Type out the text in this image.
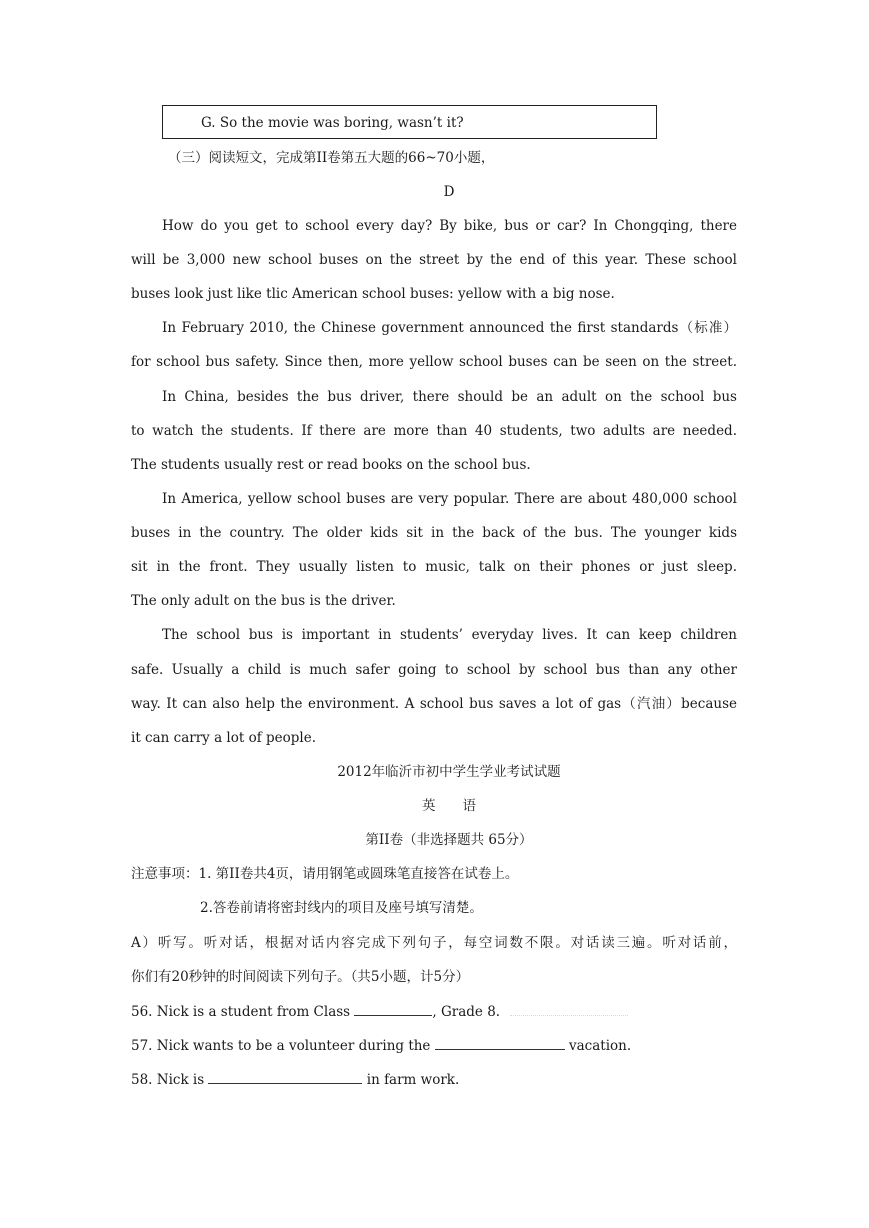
G. So the movie was boring, wasn’t it?
（三）阅读短文，完成第II卷第五大题的66~70小题，
D
How do you get to school every day? By bike, bus or car? In Chongqing, there
will be 3,000 new school buses on the street by the end of this year. These school
buses look just like tlic American school buses: yellow with a big nose.
In February 2010, the Chinese government announced the first standards（标准）
for school bus safety. Since then, more yellow school buses can be seen on the street.
In China, besides the bus driver, there should be an adult on the school bus
to watch the students. If there are more than 40 students, two adults are needed.
The students usually rest or read books on the school bus.
In America, yellow school buses are very popular. There are about 480,000 school
buses in the country. The older kids sit in the back of the bus. The younger kids
sit in the front. They usually listen to music, talk on their phones or just sleep.
The only adult on the bus is the driver.
The school bus is important in students’ everyday lives. It can keep children
safe. Usually a child is much safer going to school by school bus than any other
way. It can also help the environment. A school bus saves a lot of gas（汽油）because
it can carry a lot of people.
2012年临沂市初中学生学业考试试题
英　　语
第II卷（非选择题共 65分）
注意事项：1. 第II卷共4页，请用钢笔或圆珠笔直接答在试卷上。
2.答卷前请将密封线内的项目及座号填写清楚。
A）听写。听对话，根据对话内容完成下列句子，每空词数不限。对话读三遍。听对话前，
你们有20秒钟的时间阅读下列句子。（共5小题，计5分）
56. Nick is a student from Class	, Grade 8.
57. Nick wants to be a volunteer during the	vacation.
58. Nick is	in farm work.
